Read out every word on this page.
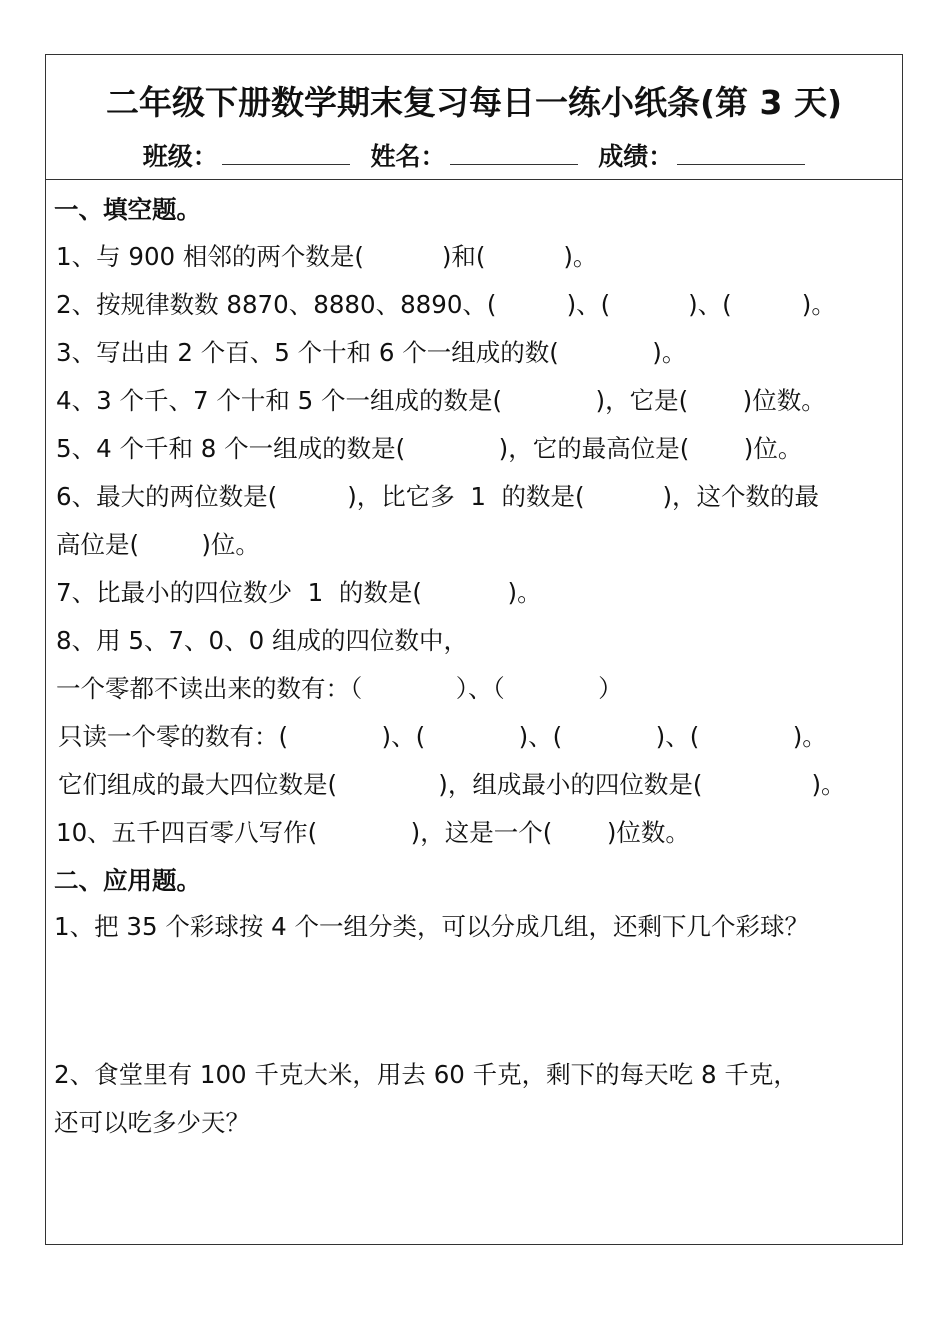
二年级下册数学期末复习每日一练小纸条(第 3 天)
班级：	姓名：	成绩：
一、填空题。
1、与 900 相邻的两个数是(          )和(          )。
2、按规律数数 8870、8880、8890、(         )、(          )、(         )。
3、写出由 2 个百、5 个十和 6 个一组成的数(            )。
4、3 个千、7 个十和 5 个一组成的数是(            )，它是(       )位数。
5、4 个千和 8 个一组成的数是(            )，它的最高位是(       )位。
6、最大的两位数是(         )，比它多  1  的数是(          )，这个数的最
高位是(        )位。
7、比最小的四位数少  1  的数是(           )。
8、用 5、7、0、0 组成的四位数中，
一个零都不读出来的数有：（            ）、（            ）
只读一个零的数有：(            )、(            )、(            )、(            )。
它们组成的最大四位数是(             )，组成最小的四位数是(              )。
10、五千四百零八写作(            )，这是一个(       )位数。
二、应用题。
1、把 35 个彩球按 4 个一组分类，可以分成几组，还剩下几个彩球？
2、食堂里有 100 千克大米，用去 60 千克，剩下的每天吃 8 千克，
还可以吃多少天？
